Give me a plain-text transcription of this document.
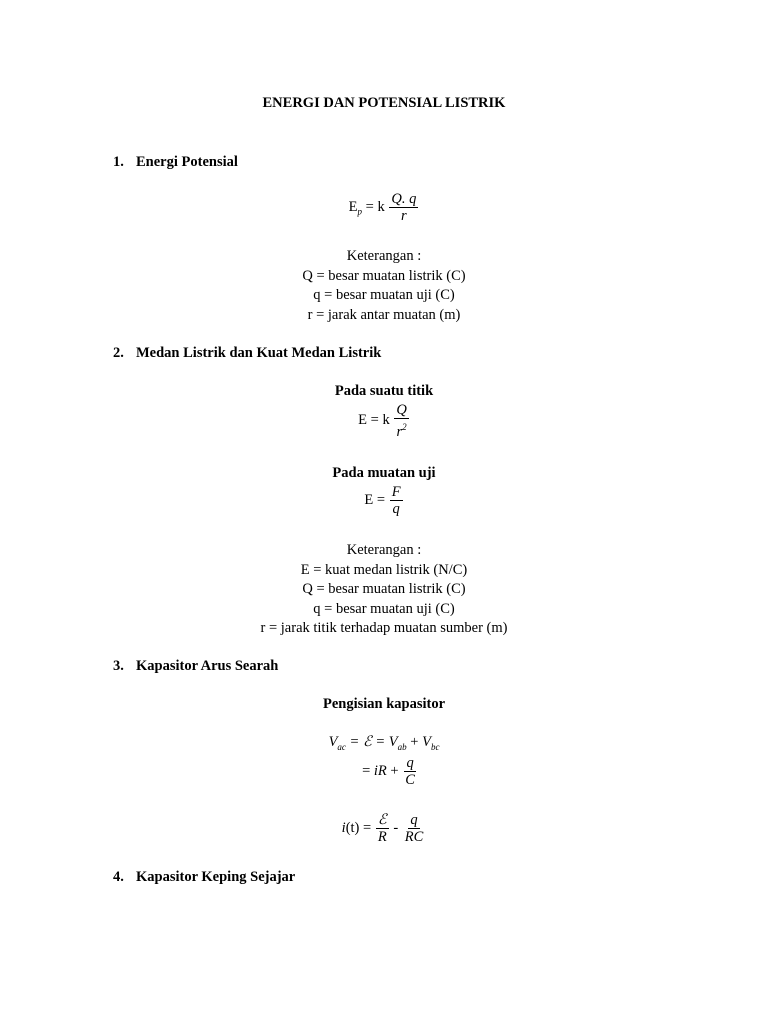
ENERGI DAN POTENSIAL LISTRIK
1. Energi Potensial
$E_p = k \frac{Q. q}{r}$
Keterangan :
Q = besar muatan listrik (C)
q = besar muatan uji (C)
r = jarak antar muatan (m)
2. Medan Listrik dan Kuat Medan Listrik
Pada suatu titik
E = k $\frac{Q}{r^2}$
Pada muatan uji
$E = \frac{F}{q}$
Keterangan :
E = kuat medan listrik (N/C)
Q = besar muatan listrik (C)
q = besar muatan uji (C)
r = jarak titik terhadap muatan sumber (m)
3. Kapasitor Arus Searah
Pengisian kapasitor
$V_{ac}$ = ℰ = $V_{ab} + V_{bc}$
= iR + $\frac{q}{C}$
$i(t) = \frac{\text{ℰ}}{R} - \frac{q}{RC}$
4. Kapasitor Keping Sejajar
